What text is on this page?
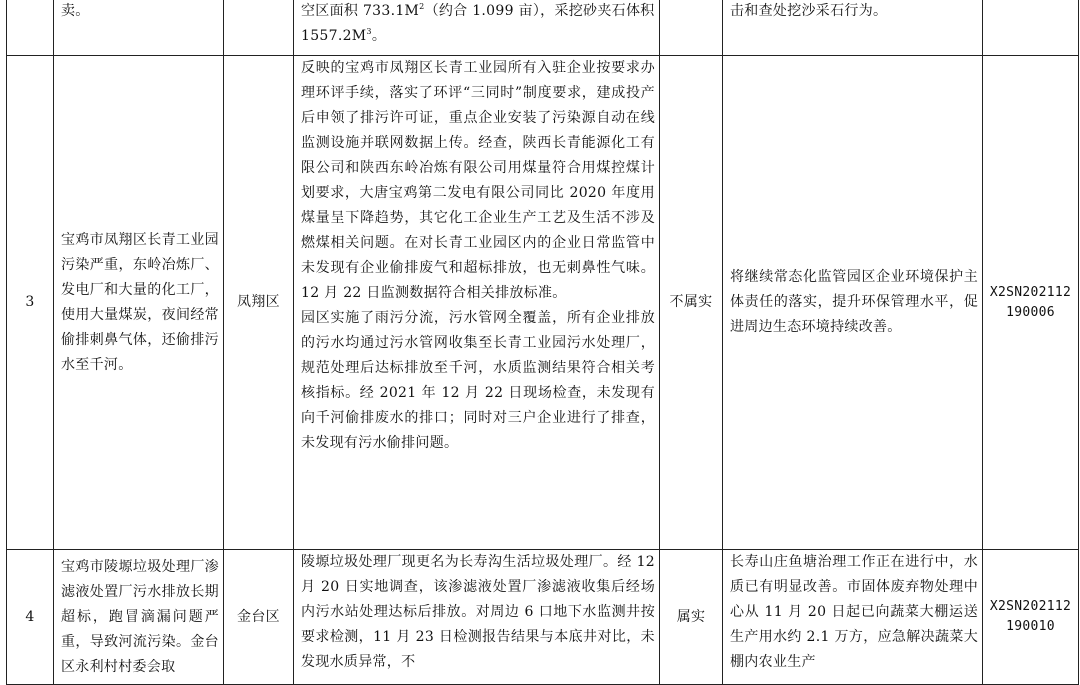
	卖。		空区面积 $733.1M^2$（约合 1.099 亩），采挖砂夹石体积 $1557.2M^3$。		击和查处挖沙采石行为。	
3	宝鸡市凤翔区长青工业园污染严重，东岭冶炼厂、发电厂和大量的化工厂，使用大量煤炭，夜间经常偷排刺鼻气体，还偷排污水至千河。	凤翔区	反映的宝鸡市凤翔区长青工业园所有入驻企业按要求办理环评手续，落实了环评“三同时”制度要求，建成投产后申领了排污许可证，重点企业安装了污染源自动在线监测设施并联网数据上传。经查，陕西长青能源化工有限公司和陕西东岭冶炼有限公司用煤量符合用煤控煤计划要求，大唐宝鸡第二发电有限公司同比 2020 年度用煤量呈下降趋势，其它化工企业生产工艺及生活不涉及燃煤相关问题。在对长青工业园区内的企业日常监管中未发现有企业偷排废气和超标排放，也无刺鼻性气味。12 月 22 日监测数据符合相关排放标准。
园区实施了雨污分流，污水管网全覆盖，所有企业排放的污水均通过污水管网收集至长青工业园污水处理厂，规范处理后达标排放至千河，水质监测结果符合相关考核指标。经 2021 年 12 月 22 日现场检查，未发现有向千河偷排废水的排口；同时对三户企业进行了排查，未发现有污水偷排问题。	不属实	将继续常态化监管园区企业环境保护主体责任的落实，提升环保管理水平，促进周边生态环境持续改善。	X2SN202112
190006

4	宝鸡市陵塬垃圾处理厂渗滤液处置厂污水排放长期超标，跑冒滴漏问题严重，导致河流污染。金台区永利村村委会取	金台区	陵塬垃圾处理厂现更名为长寿沟生活垃圾处理厂。经 12 月 20 日实地调查，该渗滤液处置厂渗滤液收集后经场内污水站处理达标后排放。对周边 6 口地下水监测井按要求检测，11 月 23 日检测报告结果与本底井对比，未发现水质异常，不	属实	长寿山庄鱼塘治理工作正在进行中，水质已有明显改善。市固体废弃物处理中心从 11 月 20 日起已向蔬菜大棚运送生产用水约 2.1 万方，应急解决蔬菜大棚内农业生产	X2SN202112
190010
